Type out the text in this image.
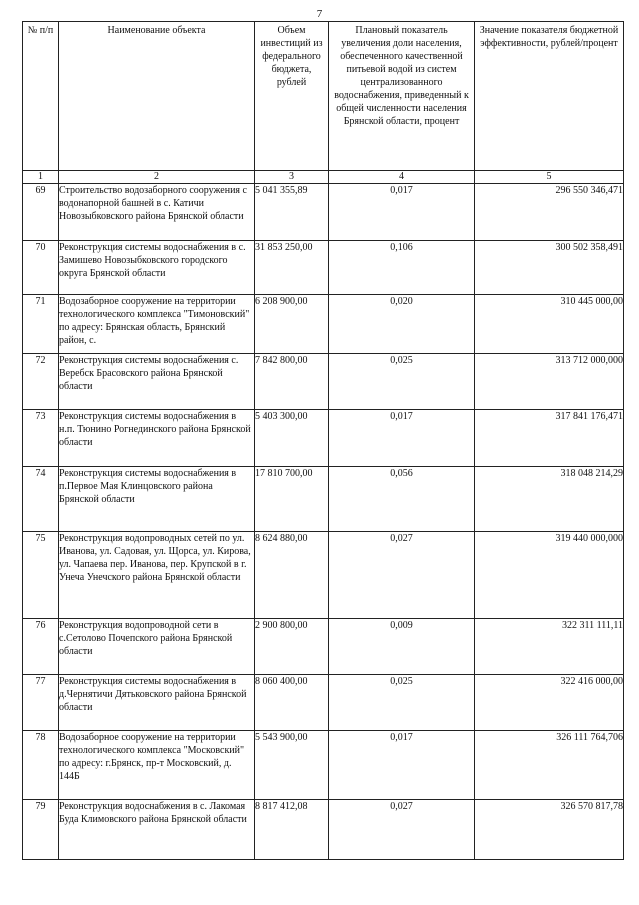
7
№ п/п	Наименование объекта	Объем инвестиций из федерального бюджета, рублей	Плановый показатель увеличения доли населения, обеспеченного качественной питьевой водой из систем централизованного водоснабжения, приведенный к общей численности населения Брянской области, процент	Значение показателя бюджетной эффективности, рублей/процент

1	2	3	4	5
69	Строительство водозаборного сооружения с водонапорной башней в с. Катичи Новозыбковского района Брянской области	5 041 355,89	0,017	296 550 346,471
70	Реконструкция системы водоснабжения в с. Замишево Новозыбковского городского округа Брянской области	31 853 250,00	0,106	300 502 358,491
71	Водозаборное сооружение на территории технологического комплекса "Тимоновский" по адресу: Брянская область, Брянский район, с.	6 208 900,00	0,020	310 445 000,00
72	Реконструкция системы водоснабжения с. Веребск Брасовского района Брянской области	7 842 800,00	0,025	313 712 000,000
73	Реконструкция системы водоснабжения в н.п. Тюнино Рогнединского района Брянской области	5 403 300,00	0,017	317 841 176,471
74	Реконструкция системы водоснабжения в п.Первое Мая Клинцовского района Брянской области	17 810 700,00	0,056	318 048 214,29
75	Реконструкция водопроводных сетей по ул. Иванова, ул. Садовая, ул. Щорса, ул. Кирова, ул. Чапаева пер. Иванова, пер. Крупской в г. Унеча Унечского района Брянской области	8 624 880,00	0,027	319 440 000,000
76	Реконструкция водопроводной сети в с.Сетолово Почепского района Брянской области	2 900 800,00	0,009	322 311 111,11
77	Реконструкция системы водоснабжения в д.Чернятичи Дятьковского района Брянской области	8 060 400,00	0,025	322 416 000,00
78	Водозаборное сооружение на территории технологического комплекса "Московский" по адресу: г.Брянск, пр-т Московский, д. 144Б	5 543 900,00	0,017	326 111 764,706
79	Реконструкция водоснабжения в с. Лакомая Буда Климовского района Брянской области	8 817 412,08	0,027	326 570 817,78
